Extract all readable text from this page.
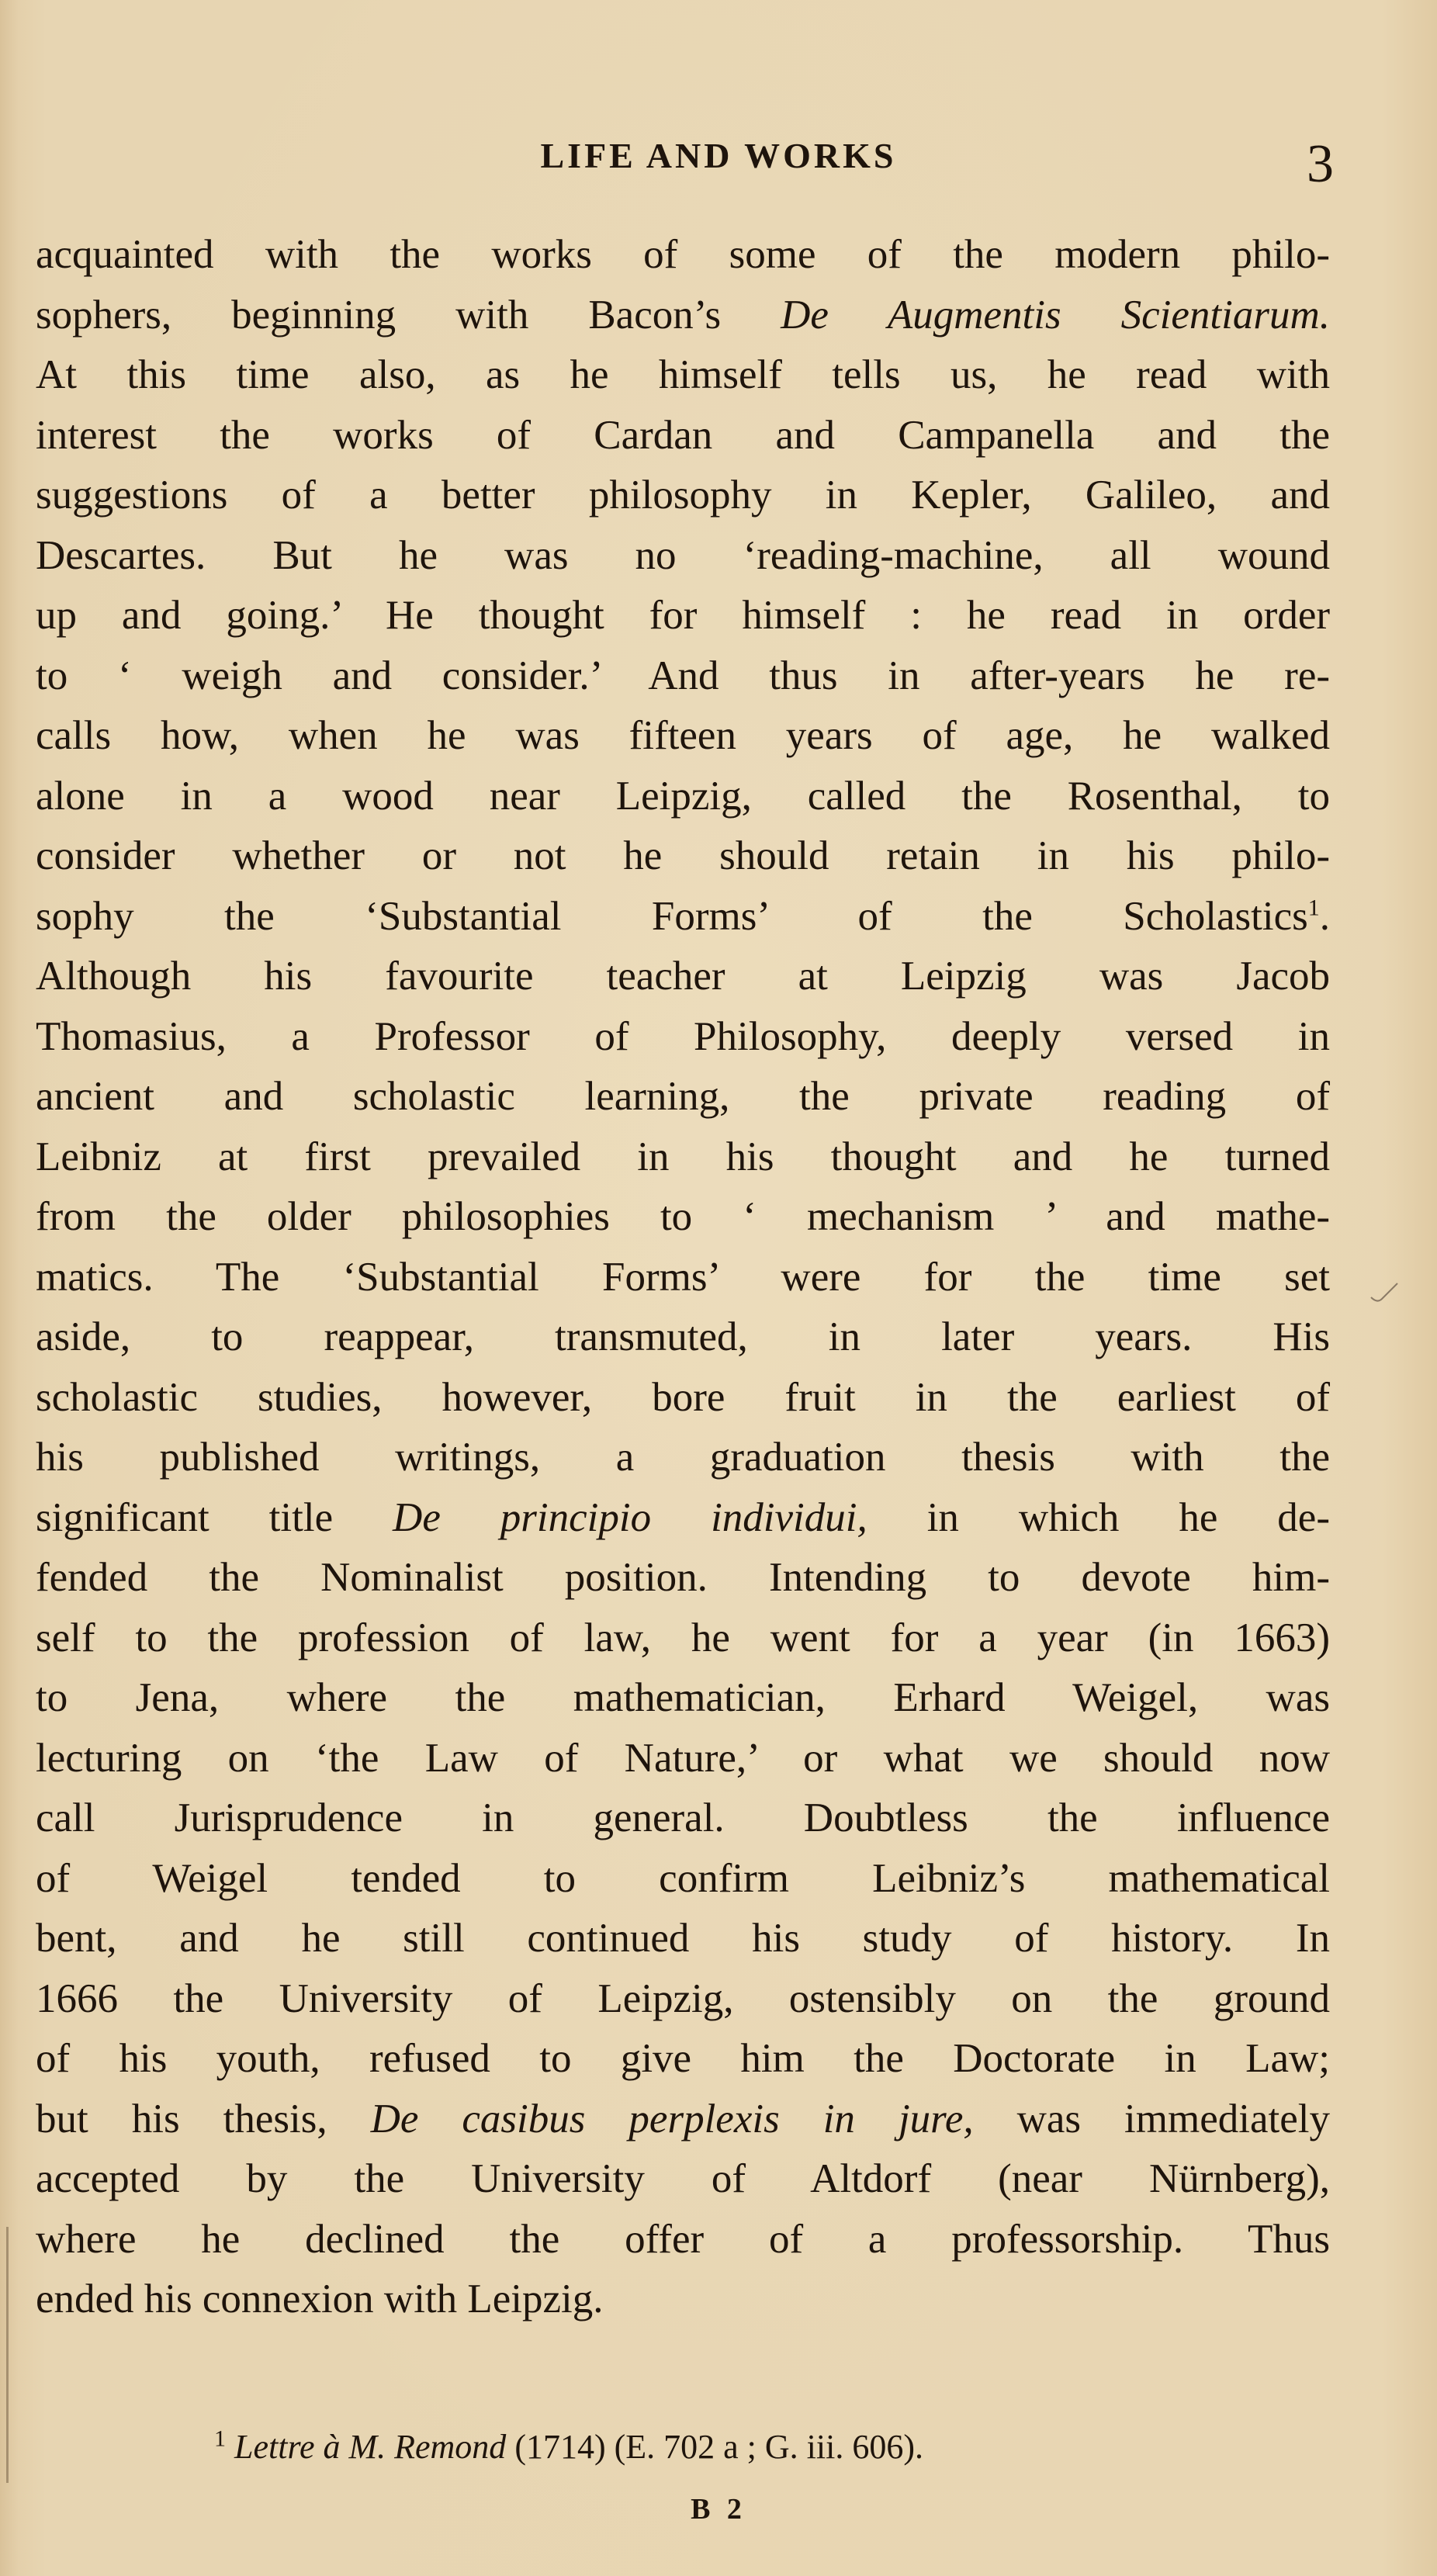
LIFE AND WORKS	3
acquainted with the works of some of the modern philo-
sophers, beginning with Bacon’s De Augmentis Scientiarum.
At this time also, as he himself tells us, he read with
interest the works of Cardan and Campanella and the
suggestions of a better philosophy in Kepler, Galileo, and
Descartes. But he was no ‘reading-machine, all wound
up and going.’ He thought for himself : he read in order
to ‘ weigh and consider.’ And thus in after-years he re-
calls how, when he was fifteen years of age, he walked
alone in a wood near Leipzig, called the Rosenthal, to
consider whether or not he should retain in his philo-
sophy the ‘Substantial Forms’ of the Scholastics$^1$.
Although his favourite teacher at Leipzig was Jacob
Thomasius, a Professor of Philosophy, deeply versed in
ancient and scholastic learning, the private reading of
Leibniz at first prevailed in his thought and he turned
from the older philosophies to ‘ mechanism ’ and mathe-
matics. The ‘Substantial Forms’ were for the time set
aside, to reappear, transmuted, in later years. His
scholastic studies, however, bore fruit in the earliest of
his published writings, a graduation thesis with the
significant title De principio individui, in which he de-
fended the Nominalist position. Intending to devote him-
self to the profession of law, he went for a year (in 1663)
to Jena, where the mathematician, Erhard Weigel, was
lecturing on ‘the Law of Nature,’ or what we should now
call Jurisprudence in general. Doubtless the influence
of Weigel tended to confirm Leibniz’s mathematical
bent, and he still continued his study of history. In
1666 the University of Leipzig, ostensibly on the ground
of his youth, refused to give him the Doctorate in Law;
but his thesis, De casibus perplexis in jure, was immediately
accepted by the University of Altdorf (near Nürnberg),
where he declined the offer of a professorship. Thus
ended his connexion with Leipzig.
$^1$ Lettre à M. Remond (1714) (E. 702 a ; G. iii. 606).
B 2
